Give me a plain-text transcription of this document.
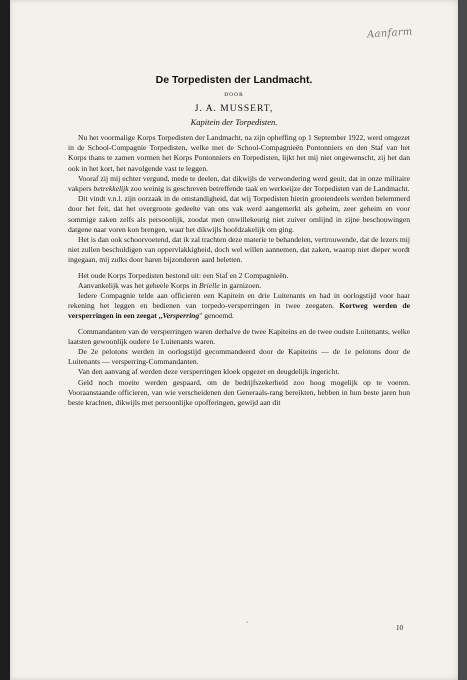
Aanfarm
De Torpedisten der Landmacht.
DOOR
J. A. MUSSERT,
Kapitein der Torpedisten.

Nu het voormalige Korps Torpedisten der Landmacht, na zijn opheffing op 1 September 1922, werd omgezet in de School-Compagnie Torpedisten, welke met de School-Compagnieën Pontonniers en den Staf van het Korps thans te zamen vormen het Korps Pontonniers en Torpedisten, lijkt het mij niet ongewenscht, zij het dan ook in het kort, het navolgende vast te leggen.

Vooraf zij mij echter vergund, mede te deelen, dat dikwijls de verwondering werd geuit, dat in onze militaire vakpers betrekkelijk zoo weinig is geschreven betreffende taak en werkwijze der Torpedisten van de Landmacht.

Dit vindt v.n.l. zijn oorzaak in de omstandigheid, dat wij Torpedisten hierin grootendeels werden belemmerd door het feit, dat het overgroote gedeelte van ons vak werd aangemerkt als geheim, zeer geheim en voor sommige zaken zelfs als persoonlijk, zoodat men onwillekeurig niet zuiver omlijnd in zijne beschouwingen datgene naar voren kon brengen, waar het dikwijls hoofdzakelijk om ging.

Het is dan ook schoorvoetend, dat ik zal trachten deze materie te behandelen, vertrouwende, dat de lezers mij niet zullen beschuldigen van oppervlakkigheid, doch wel willen aannemen, dat zaken, waarop niet dieper wordt ingegaan, mij zulks door haren bijzonderen aard beletten.

Het oude Korps Torpedisten bestond uit: een Staf en 2 Compagnieën.

Aanvankelijk was het geheele Korps in Brielle in garnizoen.

Iedere Compagnie telde aan officieren een Kapitein en drie Luitenants en had in oorlogstijd voor haar rekening het leggen en bedienen van torpedo-versperringen in twee zeegaten. Kortweg werden de versperringen in een zeegat ,,Versperring" genoemd.

Commandanten van de versperringen waren derhalve de twee Kapiteins en de twee oudste Luitenants, welke laatsten gewoonlijk oudere 1e Luitenants waren.

De 2e pelotons werden in oorlogstijd gecommandeerd door de Kapiteins — de 1e pelotons door de Luitenants — versperring-Commandanten.

Van den aanvang af werden deze versperringen kloek opgezet en deugdelijk ingericht.

Geld noch moeite werden gespaard, om de bedrijfszekerheid zoo hoog mogelijk op te voeren. Vooraanstaande officieren, van wie verscheidenen den Generaals-rang bereikten, hebben in hun beste jaren hun beste krachten, dikwijls met persoonlijke opofferingen, gewijd aan dit

˘	10
